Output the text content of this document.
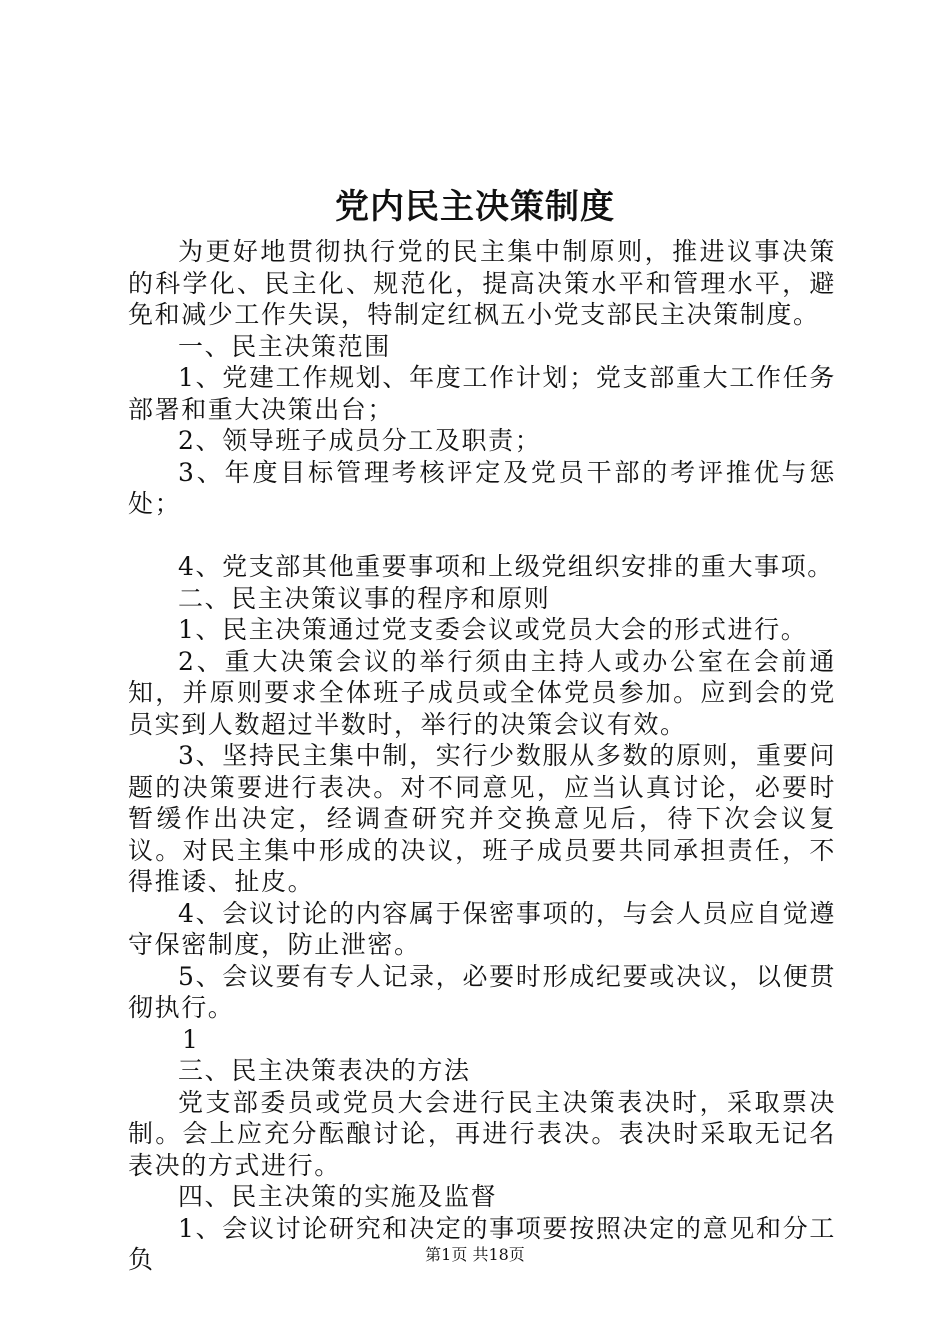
党内民主决策制度

为更好地贯彻执行党的民主集中制原则，推进议事决策的科学化、民主化、规范化，提高决策水平和管理水平，避免和减少工作失误，特制定红枫五小党支部民主决策制度。

一、民主决策范围

1、党建工作规划、年度工作计划；党支部重大工作任务部署和重大决策出台；

2、领导班子成员分工及职责；

3、年度目标管理考核评定及党员干部的考评推优与惩处；

4、党支部其他重要事项和上级党组织安排的重大事项。

二、民主决策议事的程序和原则

1、民主决策通过党支委会议或党员大会的形式进行。

2、重大决策会议的举行须由主持人或办公室在会前通知，并原则要求全体班子成员或全体党员参加。应到会的党员实到人数超过半数时，举行的决策会议有效。

3、坚持民主集中制，实行少数服从多数的原则，重要问题的决策要进行表决。对不同意见，应当认真讨论，必要时暂缓作出决定，经调查研究并交换意见后，待下次会议复议。对民主集中形成的决议，班子成员要共同承担责任，不得推诿、扯皮。

4、会议讨论的内容属于保密事项的，与会人员应自觉遵守保密制度，防止泄密。

5、会议要有专人记录，必要时形成纪要或决议，以便贯彻执行。

1

三、民主决策表决的方法

党支部委员或党员大会进行民主决策表决时，采取票决制。会上应充分酝酿讨论，再进行表决。表决时采取无记名表决的方式进行。

四、民主决策的实施及监督

1、会议讨论研究和决定的事项要按照决定的意见和分工负	第1页 共18页
